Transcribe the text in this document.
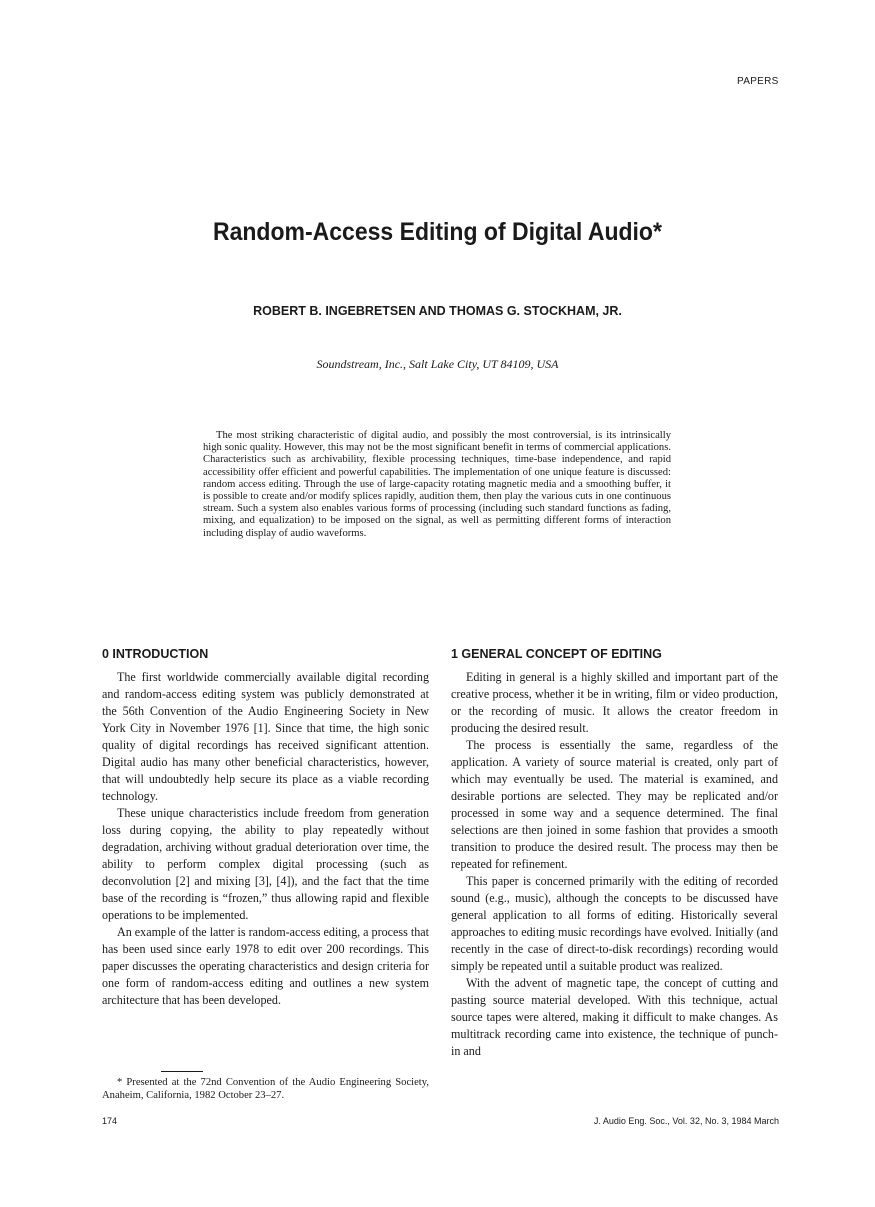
PAPERS
Random-Access Editing of Digital Audio*
ROBERT B. INGEBRETSEN AND THOMAS G. STOCKHAM, JR.
Soundstream, Inc., Salt Lake City, UT 84109, USA

The most striking characteristic of digital audio, and possibly the most controversial, is its intrinsically high sonic quality. However, this may not be the most significant benefit in terms of commercial applications. Characteristics such as archivability, flexible processing techniques, time-base independence, and rapid accessibility offer efficient and powerful capabilities. The implementation of one unique feature is discussed: random access editing. Through the use of large-capacity rotating magnetic media and a smoothing buffer, it is possible to create and/or modify splices rapidly, audition them, then play the various cuts in one continuous stream. Such a system also enables various forms of processing (including such standard functions as fading, mixing, and equalization) to be imposed on the signal, as well as permitting different forms of interaction including display of audio waveforms.

0 INTRODUCTION

The first worldwide commercially available digital recording and random-access editing system was publicly demonstrated at the 56th Convention of the Audio Engineering Society in New York City in November 1976 [1]. Since that time, the high sonic quality of digital recordings has received significant attention. Digital audio has many other beneficial characteristics, however, that will undoubtedly help secure its place as a viable recording technology.

These unique characteristics include freedom from generation loss during copying, the ability to play repeatedly without degradation, archiving without gradual deterioration over time, the ability to perform complex digital processing (such as deconvolution [2] and mixing [3], [4]), and the fact that the time base of the recording is “frozen,” thus allowing rapid and flexible operations to be implemented.

An example of the latter is random-access editing, a process that has been used since early 1978 to edit over 200 recordings. This paper discusses the operating characteristics and design criteria for one form of random-access editing and outlines a new system architecture that has been developed.

* Presented at the 72nd Convention of the Audio Engineering Society, Anaheim, California, 1982 October 23–27.

1 GENERAL CONCEPT OF EDITING

Editing in general is a highly skilled and important part of the creative process, whether it be in writing, film or video production, or the recording of music. It allows the creator freedom in producing the desired result.

The process is essentially the same, regardless of the application. A variety of source material is created, only part of which may eventually be used. The material is examined, and desirable portions are selected. They may be replicated and/or processed in some way and a sequence determined. The final selections are then joined in some fashion that provides a smooth transition to produce the desired result. The process may then be repeated for refinement.

This paper is concerned primarily with the editing of recorded sound (e.g., music), although the concepts to be discussed have general application to all forms of editing. Historically several approaches to editing music recordings have evolved. Initially (and recently in the case of direct-to-disk recordings) recording would simply be repeated until a suitable product was realized.

With the advent of magnetic tape, the concept of cutting and pasting source material developed. With this technique, actual source tapes were altered, making it difficult to make changes. As multitrack recording came into existence, the technique of punch-in and

174	J. Audio Eng. Soc., Vol. 32, No. 3, 1984 March
